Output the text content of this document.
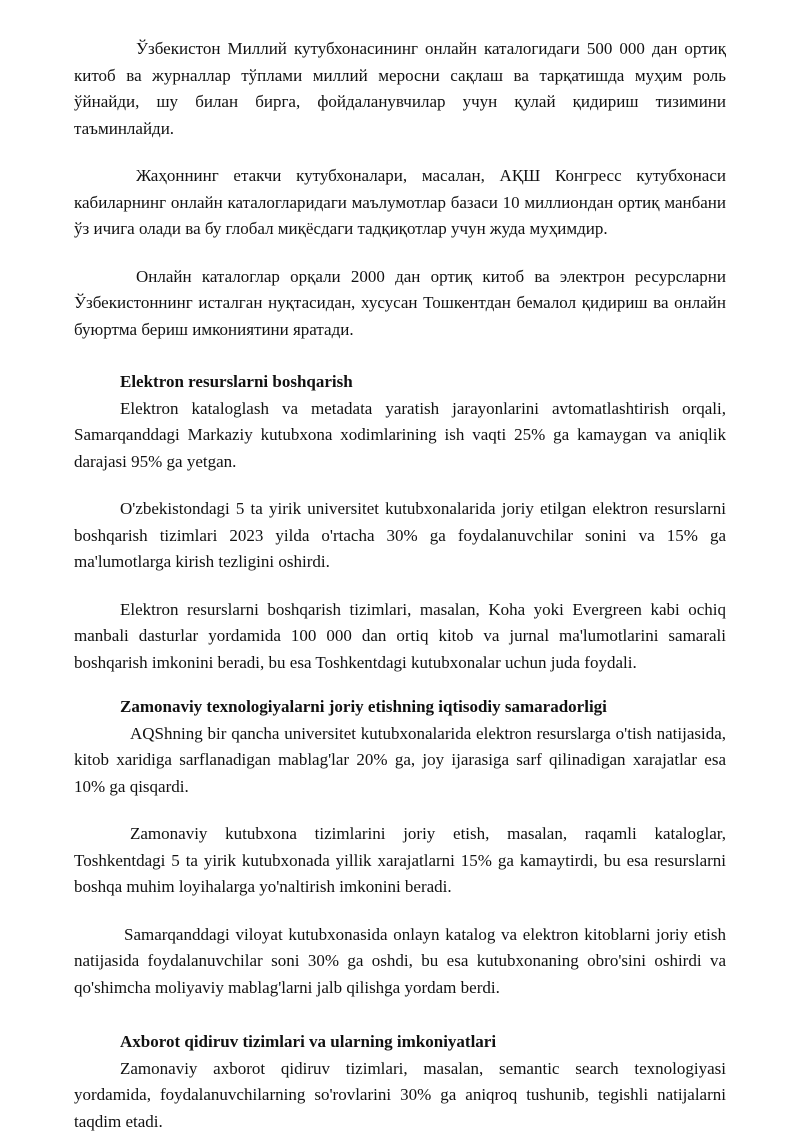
Ўзбекистон Миллий кутубхонасининг онлайн каталогидаги 500 000 дан ортиқ китоб ва журналлар тўплами миллий меросни сақлаш ва тарқатишда муҳим роль ўйнайди, шу билан бирга, фойдаланувчилар учун қулай қидириш тизимини таъминлайди.

Жаҳоннинг етакчи кутубхоналари, масалан, АҚШ Конгресс кутубхонаси кабиларнинг онлайн каталогларидаги маълумотлар базаси 10 миллиондан ортиқ манбани ўз ичига олади ва бу глобал миқёсдаги тадқиқотлар учун жуда муҳимдир.

Онлайн каталоглар орқали 2000 дан ортиқ китоб ва электрон ресурсларни Ўзбекистоннинг исталган нуқтасидан, хусусан Тошкентдан бемалол қидириш ва онлайн буюртма бериш имкониятини яратади.

Elektron resurslarni boshqarish

Elektron kataloglash va metadata yaratish jarayonlarini avtomatlashtirish orqali, Samarqanddagi Markaziy kutubxona xodimlarining ish vaqti 25% ga kamaygan va aniqlik darajasi 95% ga yetgan.

O'zbekistondagi 5 ta yirik universitet kutubxonalarida joriy etilgan elektron resurslarni boshqarish tizimlari 2023 yilda o'rtacha 30% ga foydalanuvchilar sonini va 15% ga ma'lumotlarga kirish tezligini oshirdi.

Elektron resurslarni boshqarish tizimlari, masalan, Koha yoki Evergreen kabi ochiq manbali dasturlar yordamida 100 000 dan ortiq kitob va jurnal ma'lumotlarini samarali boshqarish imkonini beradi, bu esa Toshkentdagi kutubxonalar uchun juda foydali.

Zamonaviy texnologiyalarni joriy etishning iqtisodiy samaradorligi

AQShning bir qancha universitet kutubxonalarida elektron resurslarga o'tish natijasida, kitob xaridiga sarflanadigan mablag'lar 20% ga, joy ijarasiga sarf qilinadigan xarajatlar esa 10% ga qisqardi.

Zamonaviy kutubxona tizimlarini joriy etish, masalan, raqamli kataloglar, Toshkentdagi 5 ta yirik kutubxonada yillik xarajatlarni 15% ga kamaytirdi, bu esa resurslarni boshqa muhim loyihalarga yo'naltirish imkonini beradi.

Samarqanddagi viloyat kutubxonasida onlayn katalog va elektron kitoblarni joriy etish natijasida foydalanuvchilar soni 30% ga oshdi, bu esa kutubxonaning obro'sini oshirdi va qo'shimcha moliyaviy mablag'larni jalb qilishga yordam berdi.

Axborot qidiruv tizimlari va ularning imkoniyatlari

Zamonaviy axborot qidiruv tizimlari, masalan, semantic search texnologiyasi yordamida, foydalanuvchilarning so'rovlarini 30% ga aniqroq tushunib, tegishli natijalarni taqdim etadi.
